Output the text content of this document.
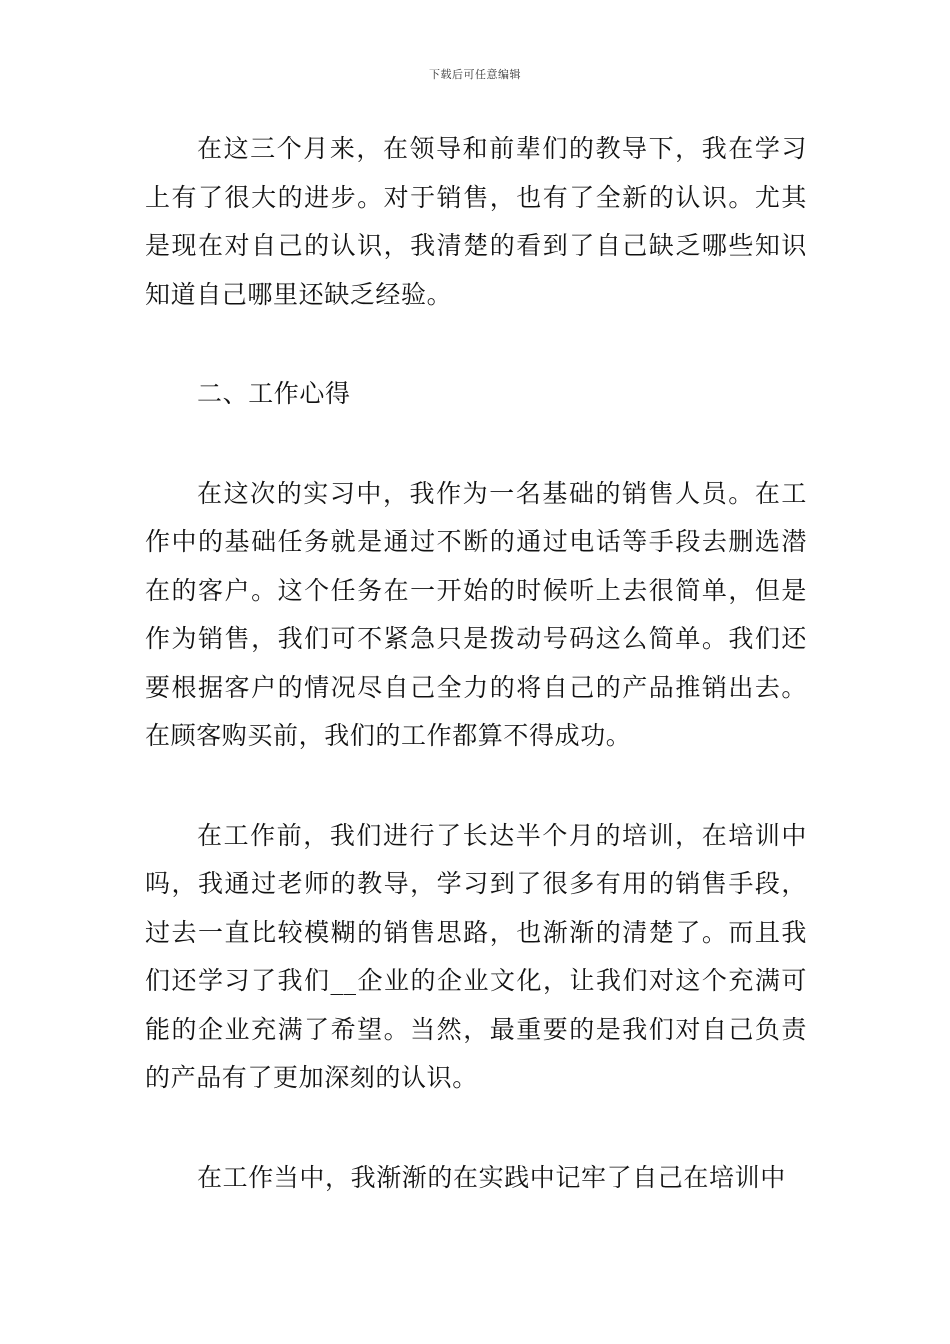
下载后可任意编辑

在这三个月来，在领导和前辈们的教导下，我在学习上有了很大的进步。对于销售，也有了全新的认识。尤其是现在对自己的认识，我清楚的看到了自己缺乏哪些知识知道自己哪里还缺乏经验。

二、工作心得

在这次的实习中，我作为一名基础的销售人员。在工作中的基础任务就是通过不断的通过电话等手段去删选潜在的客户。这个任务在一开始的时候听上去很简单，但是作为销售，我们可不紧急只是拨动号码这么简单。我们还要根据客户的情况尽自己全力的将自己的产品推销出去。在顾客购买前，我们的工作都算不得成功。

在工作前，我们进行了长达半个月的培训，在培训中吗，我通过老师的教导，学习到了很多有用的销售手段，过去一直比较模糊的销售思路，也渐渐的清楚了。而且我们还学习了我们__企业的企业文化，让我们对这个充满可能的企业充满了希望。当然，最重要的是我们对自己负责的产品有了更加深刻的认识。

在工作当中，我渐渐的在实践中记牢了自己在培训中
